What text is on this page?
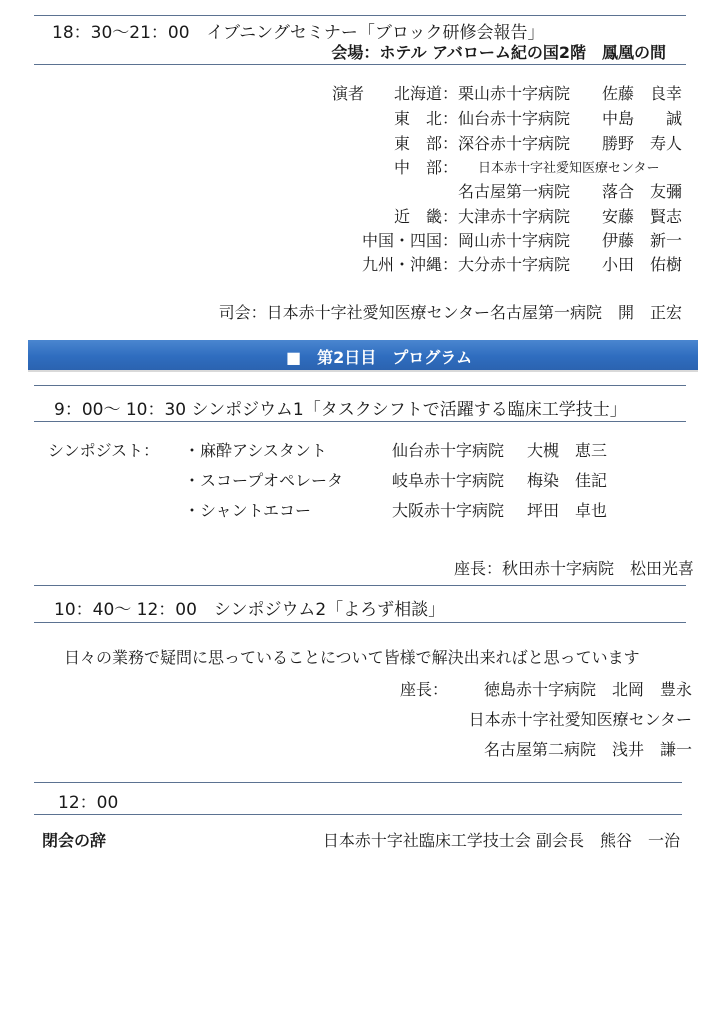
18：30～21：00　イブニングセミナー「ブロック研修会報告」
会場：ホテル アバローム紀の国2階　鳳凰の間
演者 北海道： 栗山赤十字病院 佐藤　良幸
東　北： 仙台赤十字病院 中島　　誠
東　部： 深谷赤十字病院 勝野　寿人
中　部： 日本赤十字社愛知医療センター
名古屋第一病院 落合　友彌
近　畿： 大津赤十字病院 安藤　賢志
中国・四国： 岡山赤十字病院 伊藤　新一
九州・沖縄： 大分赤十字病院 小田　佑樹
司会：日本赤十字社愛知医療センター名古屋第一病院　開　正宏
■　第2日目　プログラム
9：00～ 10：30 シンポジウム1「タスクシフトで活躍する臨床工学技士」
シンポジスト： ・麻酔アシスタント	仙台赤十字病院 大槻　恵三
・スコープオペレータ	岐阜赤十字病院 梅染　佳記
・シャントエコー	大阪赤十字病院 坪田　卓也
座長：秋田赤十字病院　松田光喜
10：40～ 12：00　シンポジウム2「よろず相談」
日々の業務で疑問に思っていることについて皆様で解決出来ればと思っています
座長： 徳島赤十字病院　北岡　豊永
日本赤十字社愛知医療センター
名古屋第二病院　浅井　謙一
12：00
閉会の辞	日本赤十字社臨床工学技士会 副会長　熊谷　一治
